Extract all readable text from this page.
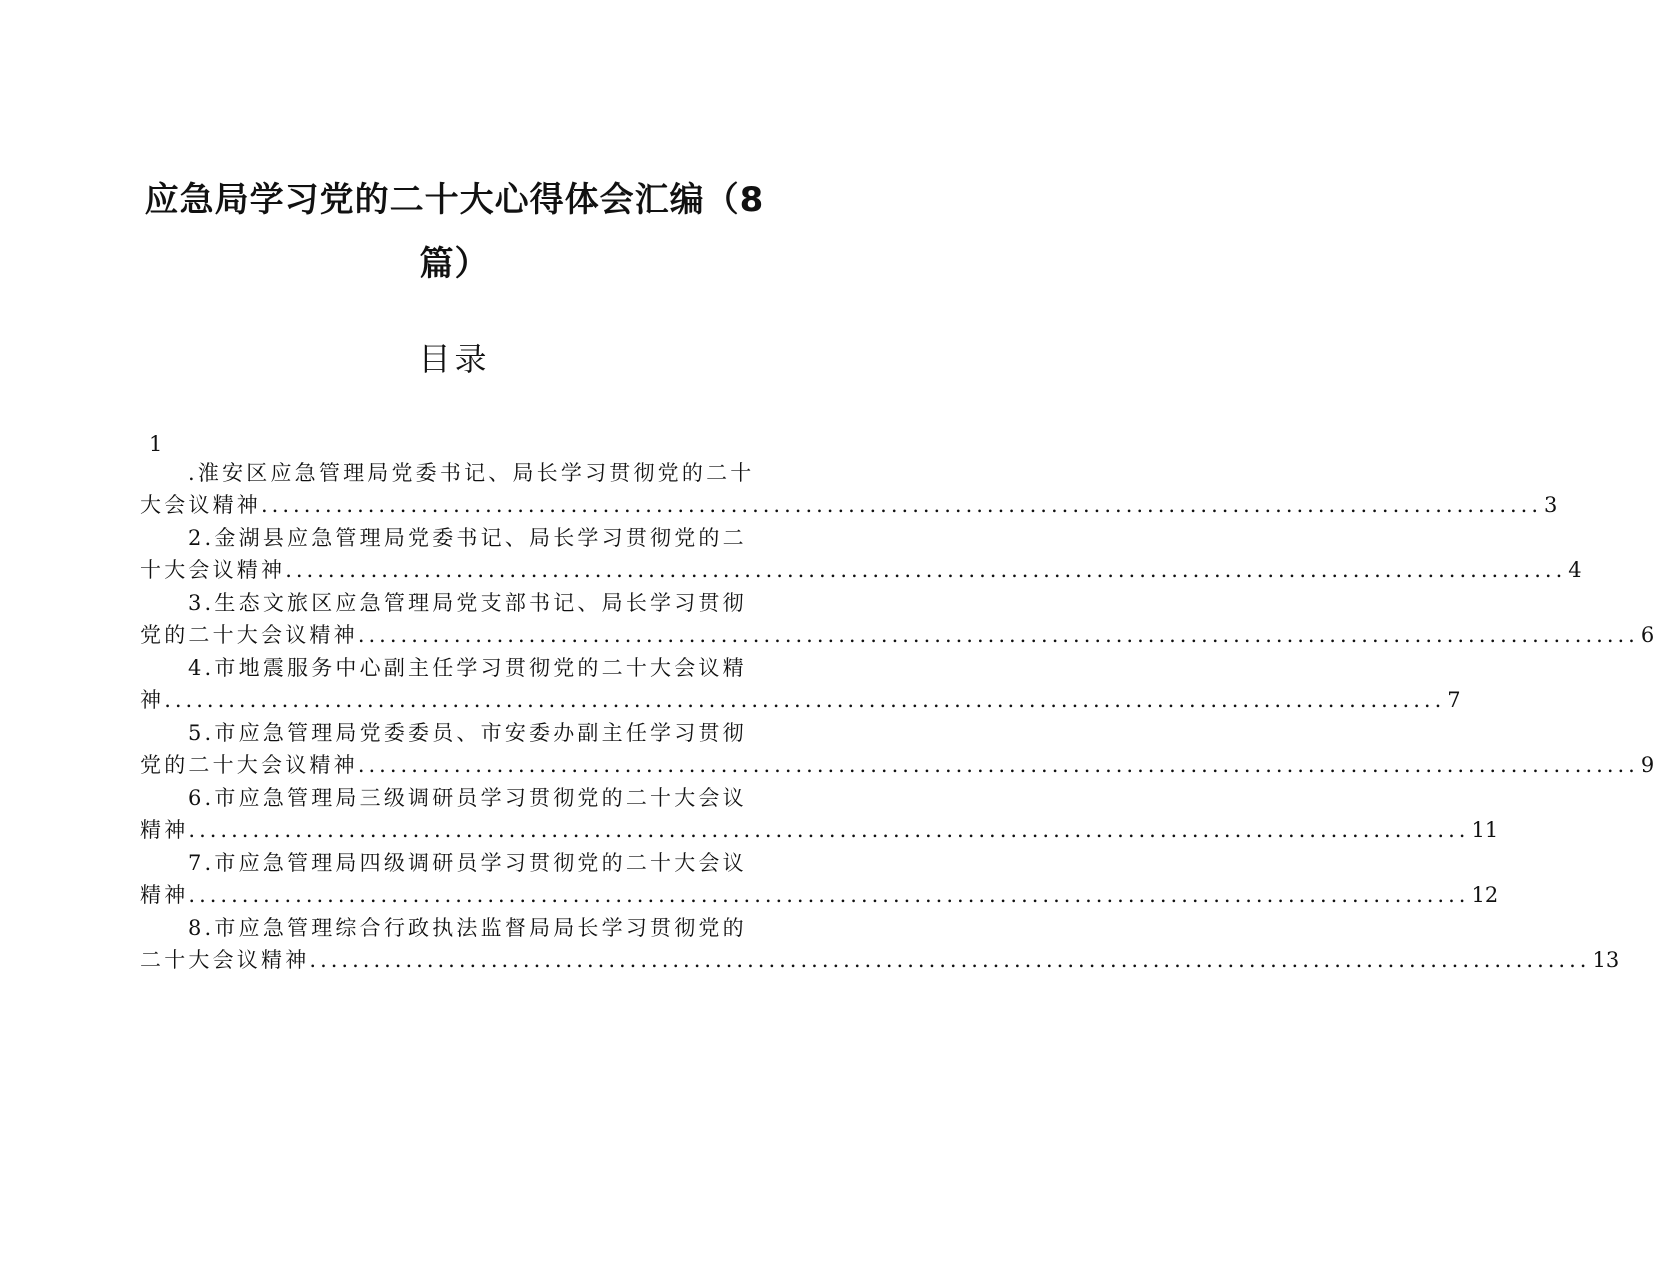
应急局学习党的二十大心得体会汇编（8
篇）
目录
1
.淮安区应急管理局党委书记、局长学习贯彻党的二十
大会议精神 ........................................................................................................................ 3
2.金湖县应急管理局党委书记、局长学习贯彻党的二
十大会议精神 ........................................................................................................................ 4
3.生态文旅区应急管理局党支部书记、局长学习贯彻
党的二十大会议精神 ........................................................................................................................ 6
4.市地震服务中心副主任学习贯彻党的二十大会议精
神 ........................................................................................................................ 7
5.市应急管理局党委委员、市安委办副主任学习贯彻
党的二十大会议精神 ........................................................................................................................ 9
6.市应急管理局三级调研员学习贯彻党的二十大会议
精神 ........................................................................................................................ 11
7.市应急管理局四级调研员学习贯彻党的二十大会议
精神 ........................................................................................................................ 12
8.市应急管理综合行政执法监督局局长学习贯彻党的
二十大会议精神 ........................................................................................................................ 13
